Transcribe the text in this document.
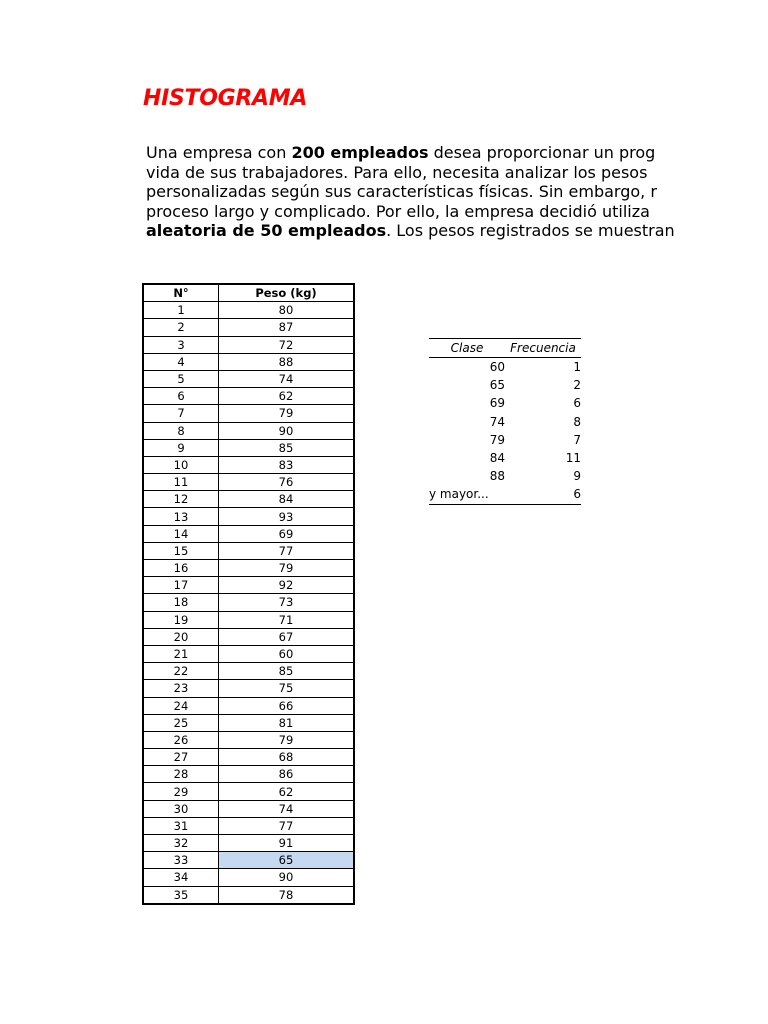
HISTOGRAMA
Una empresa con 200 empleados desea proporcionar un prog
vida de sus trabajadores. Para ello, necesita analizar los pesos
personalizadas según sus características físicas. Sin embargo, r
proceso largo y complicado. Por ello, la empresa decidió utiliza
aleatoria de 50 empleados. Los pesos registrados se muestran
N°	Peso (kg)
1	80
2	87
3	72
4	88
5	74
6	62
7	79
8	90
9	85
10	83
11	76
12	84
13	93
14	69
15	77
16	79
17	92
18	73
19	71
20	67
21	60
22	85
23	75
24	66
25	81
26	79
27	68
28	86
29	62
30	74
31	77
32	91
33	65
34	90
35	78
Clase	Frecuencia
60	1
65	2
69	6
74	8
79	7
84	11
88	9
y mayor...	6
